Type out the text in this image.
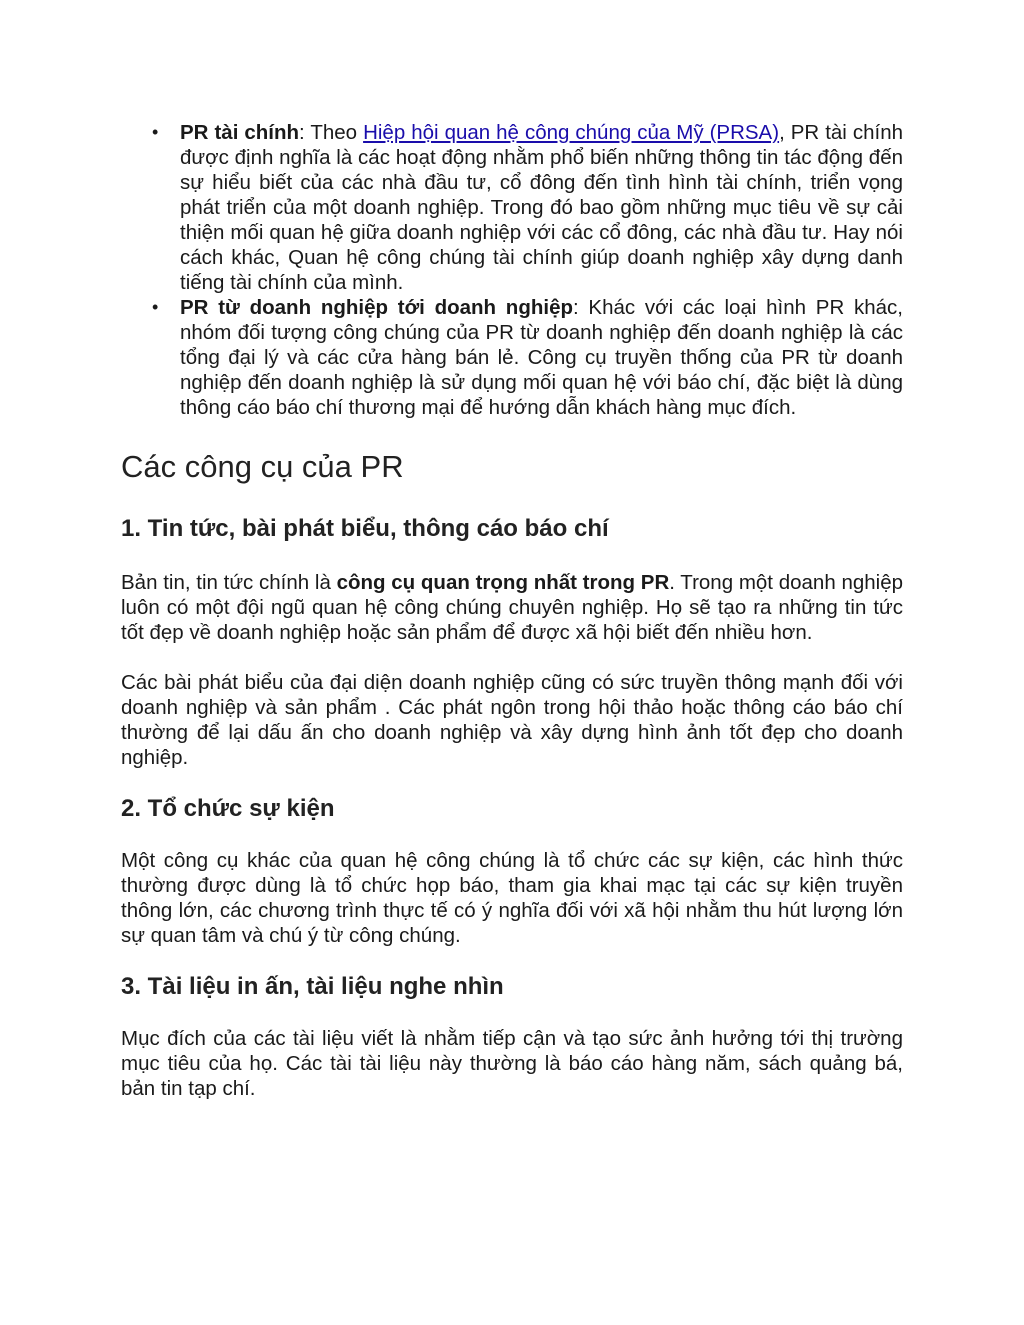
• PR tài chính: Theo Hiệp hội quan hệ công chúng của Mỹ (PRSA), PR tài chính được định nghĩa là các hoạt động nhằm phổ biến những thông tin tác động đến sự hiểu biết của các nhà đầu tư, cổ đông đến tình hình tài chính, triển vọng phát triển của một doanh nghiệp. Trong đó bao gồm những mục tiêu về sự cải thiện mối quan hệ giữa doanh nghiệp với các cổ đông, các nhà đầu tư. Hay nói cách khác, Quan hệ công chúng tài chính giúp doanh nghiệp xây dựng danh tiếng tài chính của mình.
• PR từ doanh nghiệp tới doanh nghiệp: Khác với các loại hình PR khác, nhóm đối tượng công chúng của PR từ doanh nghiệp đến doanh nghiệp là các tổng đại lý và các cửa hàng bán lẻ. Công cụ truyền thống của PR từ doanh nghiệp đến doanh nghiệp là sử dụng mối quan hệ với báo chí, đặc biệt là dùng thông cáo báo chí thương mại để hướng dẫn khách hàng mục đích.
Các công cụ của PR
1. Tin tức, bài phát biểu, thông cáo báo chí

Bản tin, tin tức chính là công cụ quan trọng nhất trong PR. Trong một doanh nghiệp luôn có một đội ngũ quan hệ công chúng chuyên nghiệp. Họ sẽ tạo ra những tin tức tốt đẹp về doanh nghiệp hoặc sản phẩm để được xã hội biết đến nhiều hơn.

Các bài phát biểu của đại diện doanh nghiệp cũng có sức truyền thông mạnh đối với doanh nghiệp và sản phẩm . Các phát ngôn trong hội thảo hoặc thông cáo báo chí thường để lại dấu ấn cho doanh nghiệp và xây dựng hình ảnh tốt đẹp cho doanh nghiệp.

2. Tổ chức sự kiện

Một công cụ khác của quan hệ công chúng là tổ chức các sự kiện, các hình thức thường được dùng là tổ chức họp báo, tham gia khai mạc tại các sự kiện truyền thông lớn, các chương trình thực tế có ý nghĩa đối với xã hội nhằm thu hút lượng lớn sự quan tâm và chú ý từ công chúng.

3. Tài liệu in ấn, tài liệu nghe nhìn

Mục đích của các tài liệu viết là nhằm tiếp cận và tạo sức ảnh hưởng tới thị trường mục tiêu của họ. Các tài tài liệu này thường là báo cáo hàng năm, sách quảng bá, bản tin tạp chí.
